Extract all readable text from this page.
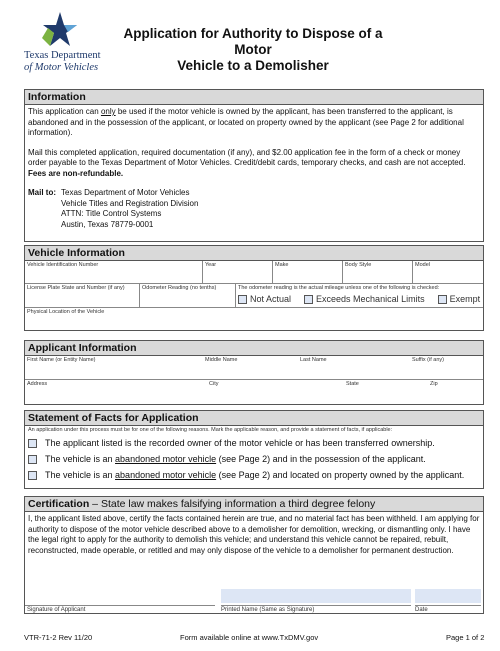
Texas Department
of Motor Vehicles
Application for Authority to Dispose of a Motor
Vehicle to a Demolisher
Information

This application can only be used if the motor vehicle is owned by the applicant, has been transferred to the applicant, is abandoned and in the possession of the applicant, or located on property owned by the applicant (see Page 2 for additional information).

Mail this completed application, required documentation (if any), and $2.00 application fee in the form of a check or money order payable to the Texas Department of Motor Vehicles. Credit/debit cards, temporary checks, and cash are not accepted. Fees are non-refundable.

Mail to: Texas Department of Motor Vehicles
Vehicle Titles and Registration Division
ATTN: Title Control Systems
Austin, Texas 78779-0001
Vehicle Information
Vehicle Identification Number	Year	Make	Body Style	Model
License Plate State and Number (if any)	Odometer Reading (no tenths)	The odometer reading is the actual mileage unless one of the following is checked:
Not Actual	Exceeds Mechanical Limits	Exempt
Physical Location of the Vehicle
Applicant Information
First Name (or Entity Name)	Middle Name	Last Name	Suffix (if any)
Address	City	State	Zip
Statement of Facts for Application
An application under this process must be for one of the following reasons. Mark the applicable reason, and provide a statement of facts, if applicable:
The applicant listed is the recorded owner of the motor vehicle or has been transferred ownership.
The vehicle is an abandoned motor vehicle (see Page 2) and in the possession of the applicant.
The vehicle is an abandoned motor vehicle (see Page 2) and located on property owned by the applicant.
Certification – State law makes falsifying information a third degree felony
I, the applicant listed above, certify the facts contained herein are true, and no material fact has been withheld. I am applying for authority to dispose of the motor vehicle described above to a demolisher for demolition, wrecking, or dismantling only. I have the legal right to apply for the authority to demolish this vehicle; and understand this vehicle cannot be repaired, rebuilt, reconstructed, made operable, or retitled and may only dispose of the vehicle to a demolisher for permanent destruction.
Signature of Applicant	Printed Name (Same as Signature)	Date
VTR-71-2 Rev 11/20	Form available online at www.TxDMV.gov	Page 1 of 2
